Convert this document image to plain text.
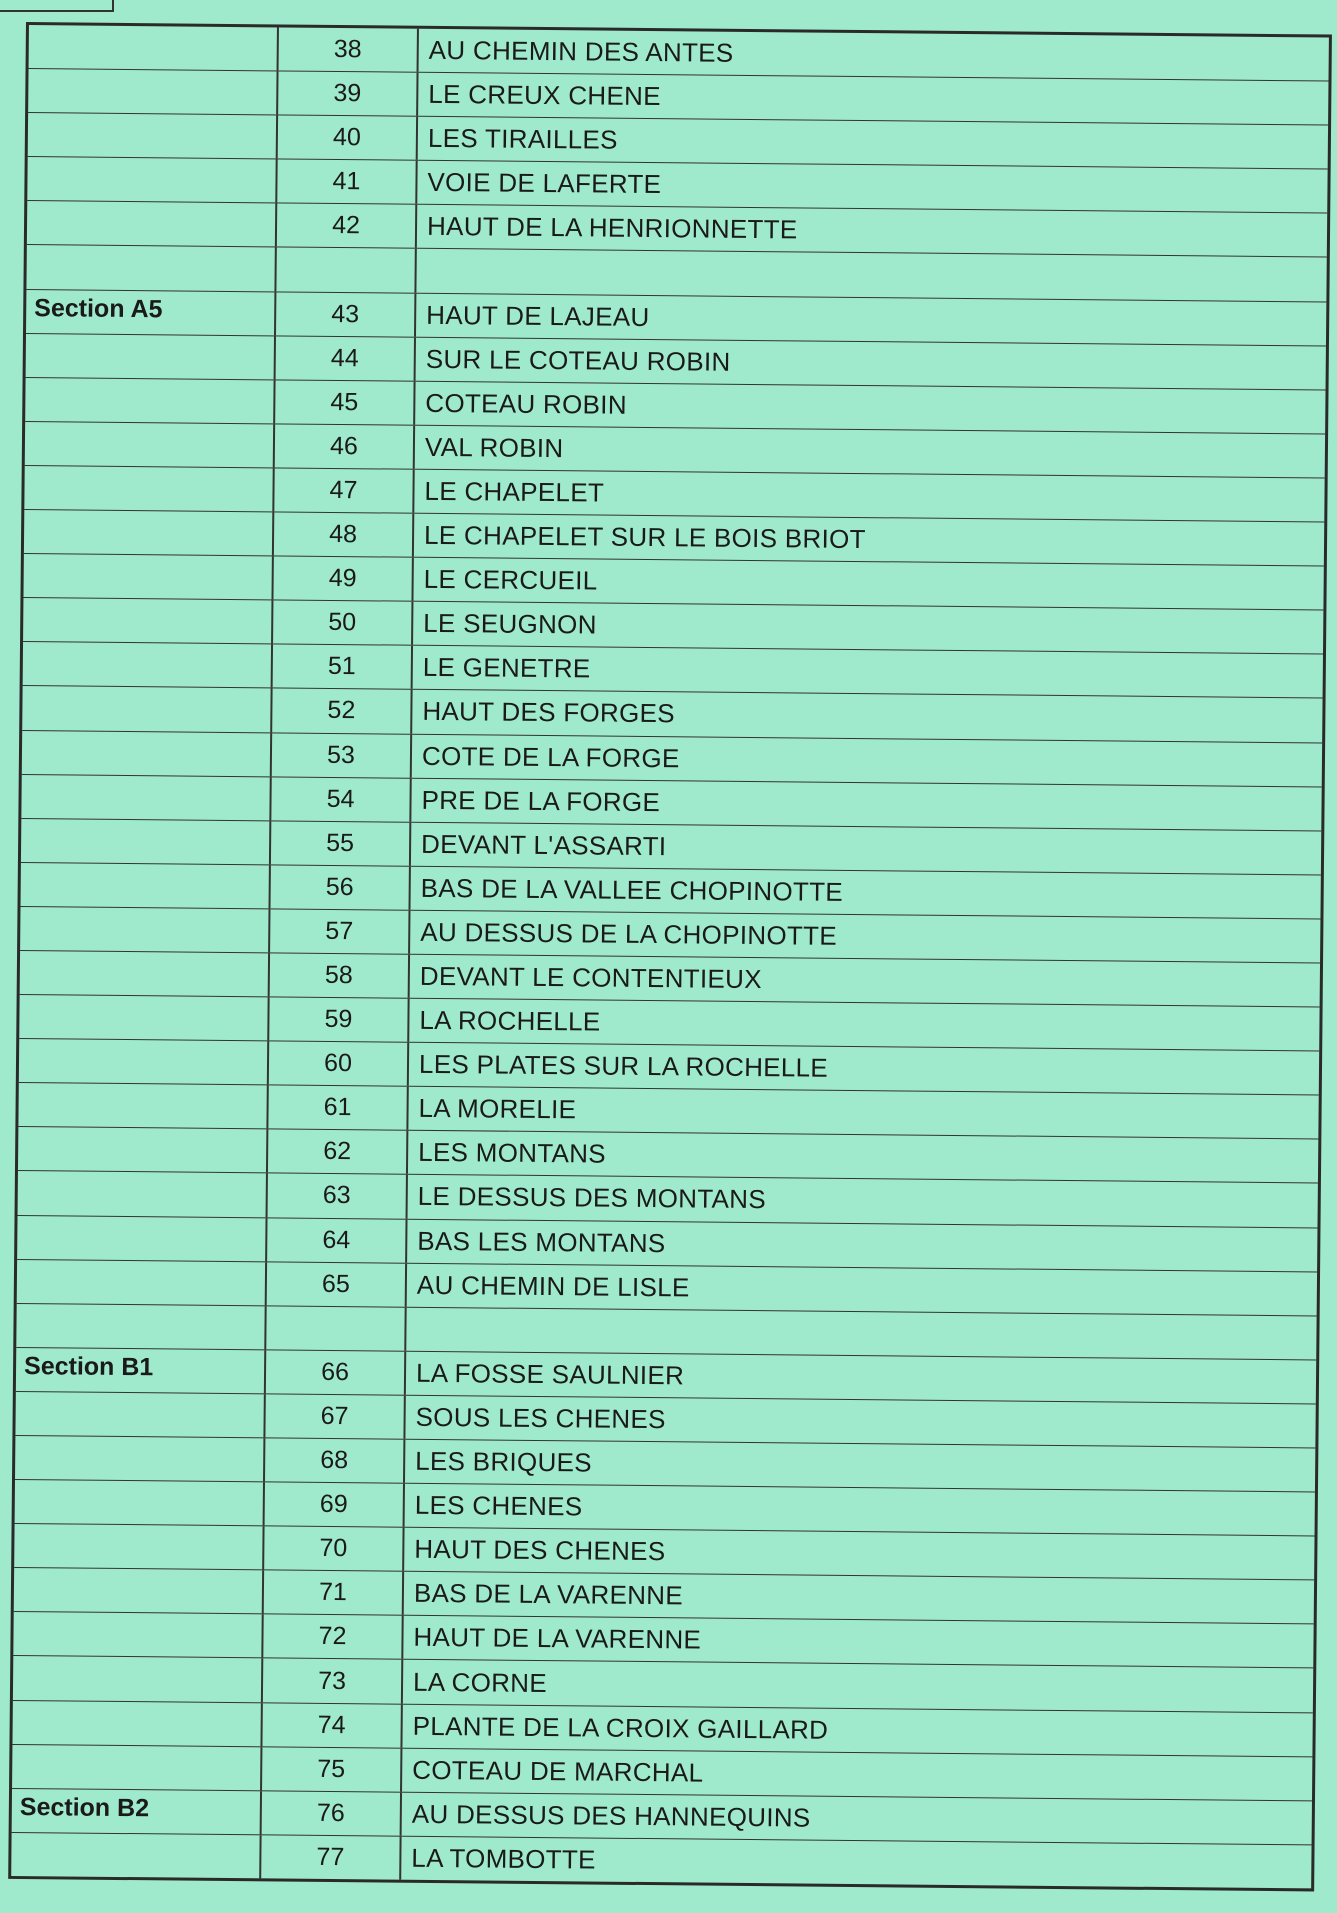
38	AU CHEMIN DES ANTES
39	LE CREUX CHENE
40	LES TIRAILLES
41	VOIE DE LAFERTE
42	HAUT DE LA HENRIONNETTE
Section A5	43	HAUT DE LAJEAU
44	SUR LE COTEAU ROBIN
45	COTEAU ROBIN
46	VAL ROBIN
47	LE CHAPELET
48	LE CHAPELET SUR LE BOIS BRIOT
49	LE CERCUEIL
50	LE SEUGNON
51	LE GENETRE
52	HAUT DES FORGES
53	COTE DE LA FORGE
54	PRE DE LA FORGE
55	DEVANT L'ASSARTI
56	BAS DE LA VALLEE CHOPINOTTE
57	AU DESSUS DE LA CHOPINOTTE
58	DEVANT LE CONTENTIEUX
59	LA ROCHELLE
60	LES PLATES SUR LA ROCHELLE
61	LA MORELIE
62	LES MONTANS
63	LE DESSUS DES MONTANS
64	BAS LES MONTANS
65	AU CHEMIN DE LISLE
Section B1	66	LA FOSSE SAULNIER
67	SOUS LES CHENES
68	LES BRIQUES
69	LES CHENES
70	HAUT DES CHENES
71	BAS DE LA VARENNE
72	HAUT DE LA VARENNE
73	LA CORNE
74	PLANTE DE LA CROIX GAILLARD
75	COTEAU DE MARCHAL
Section B2	76	AU DESSUS DES HANNEQUINS
77	LA TOMBOTTE
